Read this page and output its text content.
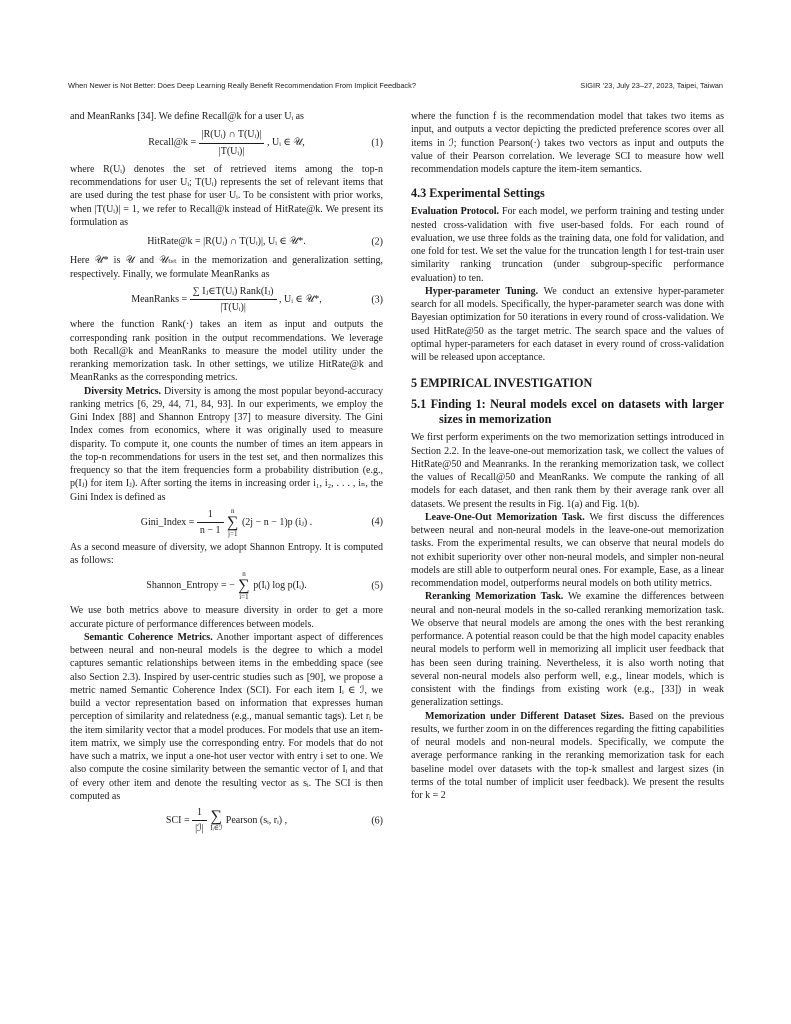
When Newer is Not Better: Does Deep Learning Really Benefit Recommendation From Implicit Feedback?	SIGIR ’23, July 23–27, 2023, Taipei, Taiwan

and MeanRanks [34]. We define Recall@k for a user Uᵢ as

Recall@k = $\frac{\text{|R(Uᵢ) ∩ T(Uᵢ)|}}{\text{|T(Uᵢ)|}}$ , Uᵢ ∈ 𝒰,	(1)

where R(Uᵢ) denotes the set of retrieved items among the top-n recommendations for user Uᵢ; T(Uᵢ) represents the set of relevant items that are used during the test phase for user Uᵢ. To be consistent with prior works, when |T(Uᵢ)| = 1, we refer to Recall@k instead of HitRate@k. We present its formulation as

HitRate@k = |R(Uᵢ) ∩ T(Uᵢ)|, Uᵢ ∈ 𝒰*.	(2)

Here 𝒰* is 𝒰 and 𝒰ₜₛₜ in the memorization and generalization setting, respectively. Finally, we formulate MeanRanks as

MeanRanks = $\frac{\text{∑ Iⱼ∈T(Uᵢ) Rank(Iⱼ)}}{\text{|T(Uᵢ)|}}$ , Uᵢ ∈ 𝒰*,	(3)

where the function Rank(·) takes an item as input and outputs the corresponding rank position in the output recommendations. We leverage both Recall@k and MeanRanks to measure the model utility under the reranking memorization task. In other settings, we utilize HitRate@k and MeanRanks as the corresponding metrics.

Diversity Metrics. Diversity is among the most popular beyond-accuracy ranking metrics [6, 29, 44, 71, 84, 93]. In our experiments, we employ the Gini Index [88] and Shannon Entropy [37] to measure diversity. The Gini Index comes from economics, where it was originally used to measure disparity. To compute it, one counts the number of times an item appears in the top-n recommendations for users in the test set, and then normalizes this frequency so that the item frequencies form a probability distribution (e.g., p(Iⱼ) for item Iⱼ). After sorting the items in increasing order i₁, i₂, . . . , iₙ, the Gini Index is defined as

Gini_Index = $\frac{1}{n - 1}$
	n
∑
j=1
(2j − n − 1)p (iⱼ) .	(4)

As a second measure of diversity, we adopt Shannon Entropy. It is computed as follows:

Shannon_Entropy = −
n
∑
i=1
p(Iᵢ) log p(Iᵢ).	(5)

We use both metrics above to measure diversity in order to get a more accurate picture of performance differences between models.

Semantic Coherence Metrics. Another important aspect of differences between neural and non-neural models is the degree to which a model captures semantic relationships between items in the embedding space (see also Section 2.3). Inspired by user-centric studies such as [90], we propose a metric named Semantic Coherence Index (SCI). For each item Iᵢ ∈ ℐ, we build a vector representation based on information that expresses human perception of similarity and relatedness (e.g., manual semantic tags). Let rᵢ be the item similarity vector that a model produces. For models that use an item-item matrix, we simply use the corresponding entry. For models that do not have such a matrix, we input a one-hot user vector with entry i set to one. We also compute the cosine similarity between the semantic vector of Iᵢ and that of every other item and denote the resulting vector as sᵢ. The SCI is then computed as

SCI = $\frac{1}{\text{|ℐ|}}$
∑
Iᵢ∈ℐ
Pearson (sᵢ, rᵢ) ,	(6)

where the function f is the recommendation model that takes two items as input, and outputs a vector depicting the predicted preference scores over all items in ℐ; function Pearson(·) takes two vectors as input and outputs the value of their Pearson correlation. We leverage SCI to measure how well recommendation models capture the item-item semantics.

4.3 Experimental Settings

Evaluation Protocol. For each model, we perform training and testing under nested cross-validation with five user-based folds. For each round of evaluation, we use three folds as the training data, one fold for validation, and one fold for test. We set the value for the truncation length l for test-train user similarity ranking truncation (under subgroup-specific performance evaluation) to ten.

Hyper-parameter Tuning. We conduct an extensive hyper-parameter search for all models. Specifically, the hyper-parameter search was done with Bayesian optimization for 50 iterations in every round of cross-validation. We used HitRate@50 as the target metric. The search space and the values of optimal hyper-parameters for each dataset in every round of cross-validation will be released upon acceptance.

5 EMPIRICAL INVESTIGATION

5.1 Finding 1: Neural models excel on datasets with larger sizes in memorization

We first perform experiments on the two memorization settings introduced in Section 2.2. In the leave-one-out memorization task, we collect the values of HitRate@50 and Meanranks. In the reranking memorization task, we collect the values of Recall@50 and MeanRanks. We compute the ranking of all models for each dataset, and then rank them by their average rank over all datasets. We present the results in Fig. 1(a) and Fig. 1(b).

Leave-One-Out Memorization Task. We first discuss the differences between neural and non-neural models in the leave-one-out memorization tasks. From the experimental results, we can observe that neural models do not exhibit superiority over other non-neural models, and simpler non-neural models are still able to outperform neural ones. For example, Ease, as a linear recommendation model, outperforms neural models on both utility metrics.

Reranking Memorization Task. We examine the differences between neural and non-neural models in the so-called reranking memorization task. We observe that neural models are among the ones with the best reranking performance. A potential reason could be that the high model capacity enables neural models to perform well in memorizing all implicit user feedback that has been seen during training. Nevertheless, it is also worth noting that several non-neural models also perform well, e.g., linear models, which is consistent with the findings from existing work (e.g., [33]) in weak generalization settings.

Memorization under Different Dataset Sizes. Based on the previous results, we further zoom in on the differences regarding the fitting capabilities of neural models and non-neural models. Specifically, we compute the average performance ranking in the reranking memorization task for each baseline model over datasets with the top-k smallest and largest sizes (in terms of the total number of implicit user feedback). We present the results for k = 2
